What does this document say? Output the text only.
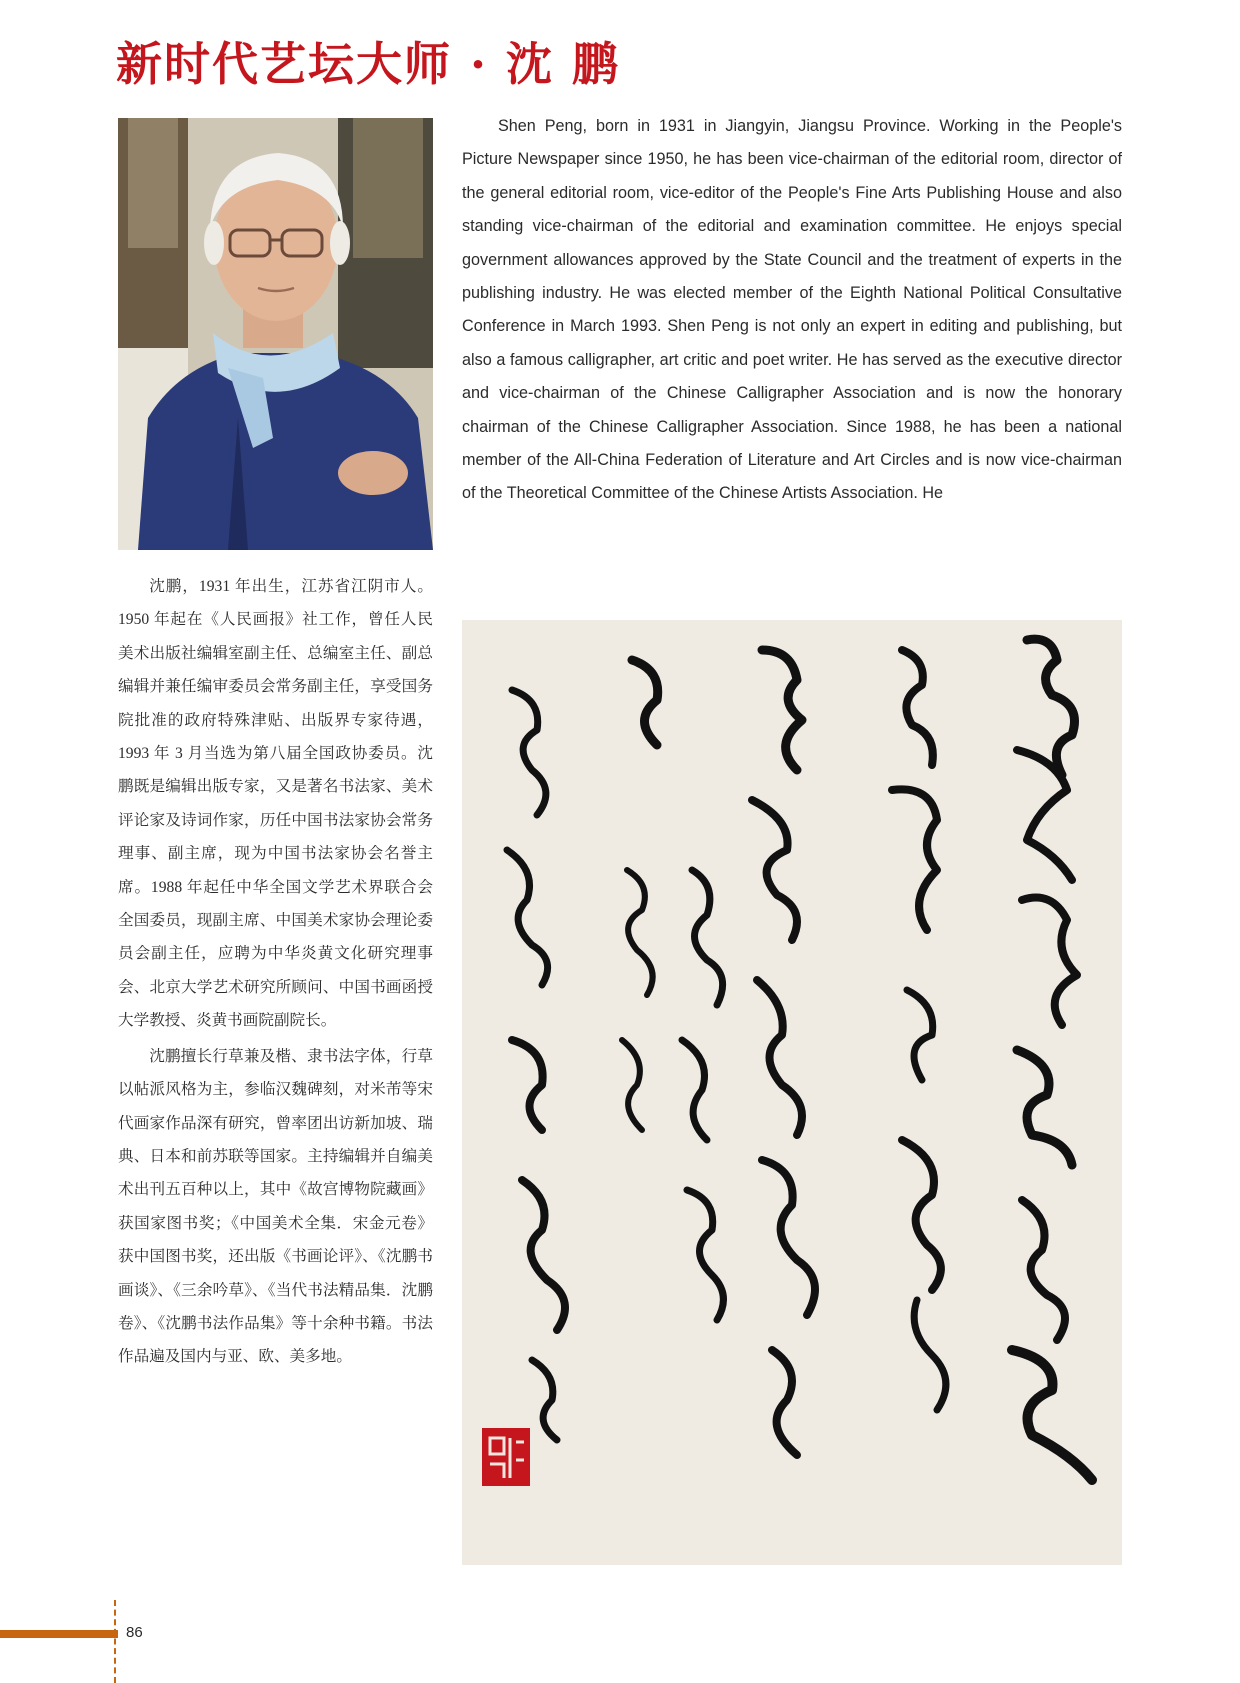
新时代艺坛大师 · 沈 鹏

Shen Peng, born in 1931 in Jiangyin, Jiangsu Province. Working in the People's Picture Newspaper since 1950, he has been vice-chairman of the editorial room, director of the general editorial room, vice-editor of the People's Fine Arts Publishing House and also standing vice-chairman of the editorial and examination committee. He enjoys special government allowances approved by the State Council and the treatment of experts in the publishing industry. He was elected member of the Eighth National Political Consultative Conference in March 1993. Shen Peng is not only an expert in editing and publishing, but also a famous calligrapher, art critic and poet writer. He has served as the executive director and vice-chairman of the Chinese Calligrapher Association and is now the honorary chairman of the Chinese Calligrapher Association. Since 1988, he has been a national member of the All-China Federation of Literature and Art Circles and is now vice-chairman of the Theoretical Committee of the Chinese Artists Association. He

沈鹏，1931 年出生，江苏省江阴市人。1950 年起在《人民画报》社工作，曾任人民美术出版社编辑室副主任、总编室主任、副总编辑并兼任编审委员会常务副主任，享受国务院批准的政府特殊津贴、出版界专家待遇，1993 年 3 月当选为第八届全国政协委员。沈鹏既是编辑出版专家，又是著名书法家、美术评论家及诗词作家，历任中国书法家协会常务理事、副主席，现为中国书法家协会名誉主席。1988 年起任中华全国文学艺术界联合会全国委员，现副主席、中国美术家协会理论委员会副主任，应聘为中华炎黄文化研究理事会、北京大学艺术研究所顾问、中国书画函授大学教授、炎黄书画院副院长。

沈鹏擅长行草兼及楷、隶书法字体，行草以帖派风格为主，参临汉魏碑刻，对米芾等宋代画家作品深有研究，曾率团出访新加坡、瑞典、日本和前苏联等国家。主持编辑并自编美术出刊五百种以上，其中《故宫博物院藏画》获国家图书奖；《中国美术全集．宋金元卷》获中国图书奖，还出版《书画论评》、《沈鹏书画谈》、《三余吟草》、《当代书法精品集．沈鹏卷》、《沈鹏书法作品集》等十余种书籍。书法作品遍及国内与亚、欧、美多地。

86
